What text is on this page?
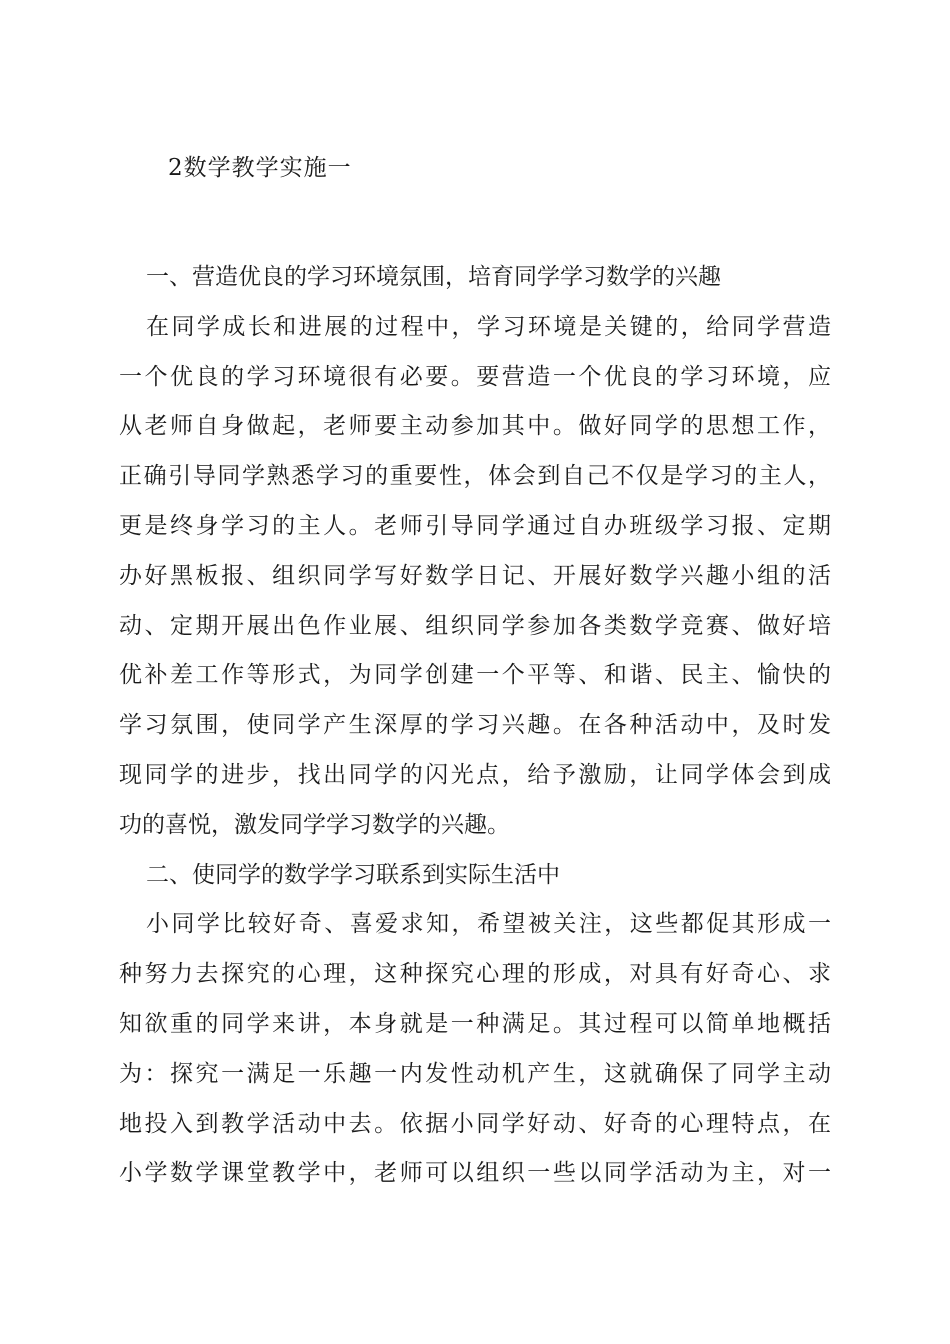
2数学教学实施一
一、营造优良的学习环境氛围，培育同学学习数学的兴趣
在同学成长和进展的过程中，学习环境是关键的，给同学营造
一个优良的学习环境很有必要。要营造一个优良的学习环境，应
从老师自身做起，老师要主动参加其中。做好同学的思想工作，
正确引导同学熟悉学习的重要性，体会到自己不仅是学习的主人，
更是终身学习的主人。老师引导同学通过自办班级学习报、定期
办好黑板报、组织同学写好数学日记、开展好数学兴趣小组的活
动、定期开展出色作业展、组织同学参加各类数学竞赛、做好培
优补差工作等形式，为同学创建一个平等、和谐、民主、愉快的
学习氛围，使同学产生深厚的学习兴趣。在各种活动中，及时发
现同学的进步，找出同学的闪光点，给予激励，让同学体会到成
功的喜悦，激发同学学习数学的兴趣。
二、使同学的数学学习联系到实际生活中
小同学比较好奇、喜爱求知，希望被关注，这些都促其形成一
种努力去探究的心理，这种探究心理的形成，对具有好奇心、求
知欲重的同学来讲，本身就是一种满足。其过程可以简单地概括
为：探究一满足一乐趣一内发性动机产生，这就确保了同学主动
地投入到教学活动中去。依据小同学好动、好奇的心理特点，在
小学数学课堂教学中，老师可以组织一些以同学活动为主，对一
